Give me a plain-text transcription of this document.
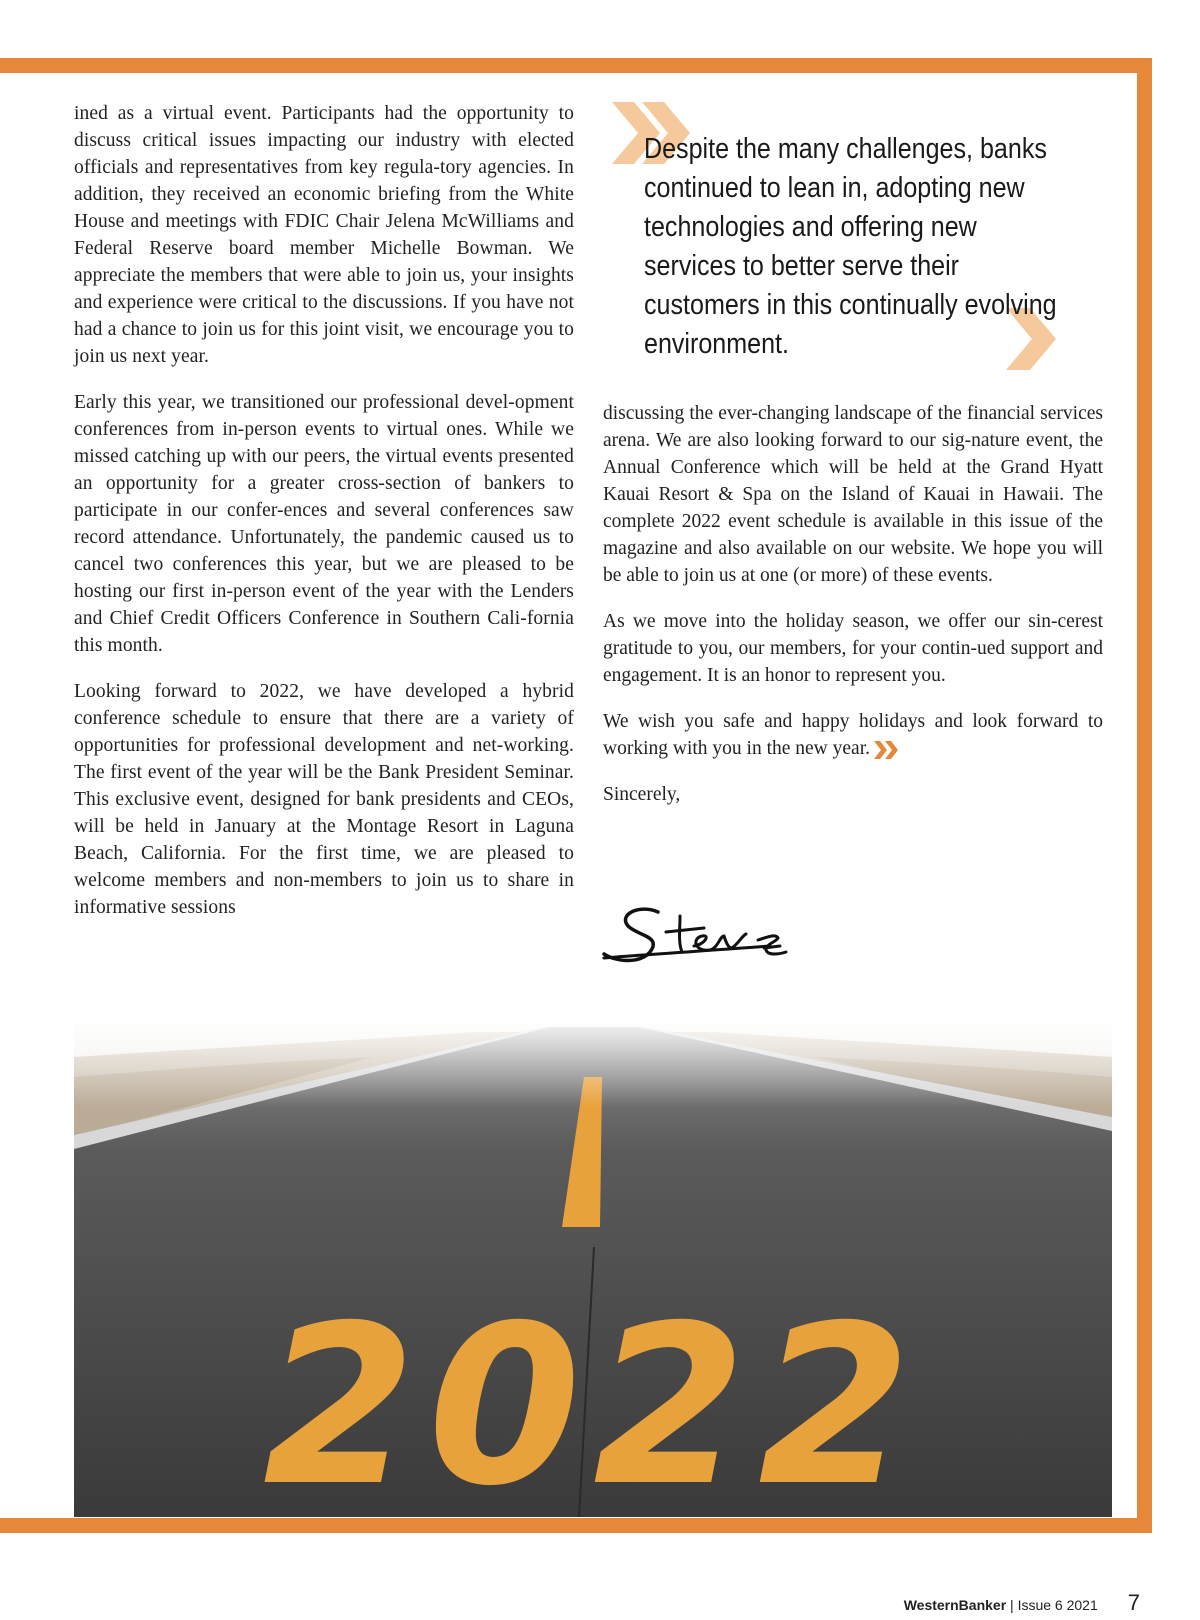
ined as a virtual event. Participants had the opportunity to discuss critical issues impacting our industry with elected officials and representatives from key regula-tory agencies. In addition, they received an economic briefing from the White House and meetings with FDIC Chair Jelena McWilliams and Federal Reserve board member Michelle Bowman. We appreciate the members that were able to join us, your insights and experience were critical to the discussions. If you have not had a chance to join us for this joint visit, we encourage you to join us next year.

Early this year, we transitioned our professional devel-opment conferences from in-person events to virtual ones. While we missed catching up with our peers, the virtual events presented an opportunity for a greater cross-section of bankers to participate in our confer-ences and several conferences saw record attendance. Unfortunately, the pandemic caused us to cancel two conferences this year, but we are pleased to be hosting our first in-person event of the year with the Lenders and Chief Credit Officers Conference in Southern Cali-fornia this month.

Looking forward to 2022, we have developed a hybrid conference schedule to ensure that there are a variety of opportunities for professional development and net-working. The first event of the year will be the Bank President Seminar. This exclusive event, designed for bank presidents and CEOs, will be held in January at the Montage Resort in Laguna Beach, California. For the first time, we are pleased to welcome members and non-members to join us to share in informative sessions

Despite the many challenges, banks continued to lean in, adopting new technologies and offering new services to better serve their customers in this continually evolving environment.

discussing the ever-changing landscape of the financial services arena. We are also looking forward to our sig-nature event, the Annual Conference which will be held at the Grand Hyatt Kauai Resort & Spa on the Island of Kauai in Hawaii. The complete 2022 event schedule is available in this issue of the magazine and also available on our website. We hope you will be able to join us at one (or more) of these events.

As we move into the holiday season, we offer our sin-cerest gratitude to you, our members, for your contin-ued support and engagement. It is an honor to represent you.

We wish you safe and happy holidays and look forward to working with you in the new year.

Sincerely,

2022
WesternBanker | Issue 6 2021 7
